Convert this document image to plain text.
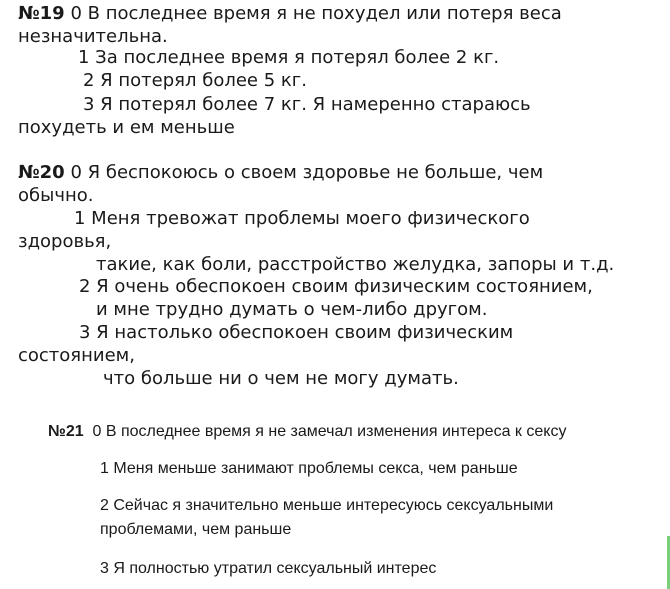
№19 0 В последнее время я не похудел или потеря веса

незначительна.

1 За последнее время я потерял более 2 кг.

2 Я потерял более 5 кг.

3 Я потерял более 7 кг. Я намеренно стараюсь

похудеть и ем меньше

№20 0 Я беспокоюсь о своем здоровье не больше, чем

обычно.

1 Меня тревожат проблемы моего физического

здоровья,

такие, как боли, расстройство желудка, запоры и т.д.

2 Я очень обеспокоен своим физическим состоянием,

и мне трудно думать о чем-либо другом.

3 Я настолько обеспокоен своим физическим

состоянием,

что больше ни о чем не могу думать.

№21 0 В последнее время я не замечал изменения интереса к сексу

1 Меня меньше занимают проблемы секса, чем раньше

2 Сейчас я значительно меньше интересуюсь сексуальными

проблемами, чем раньше

3 Я полностью утратил сексуальный интерес
